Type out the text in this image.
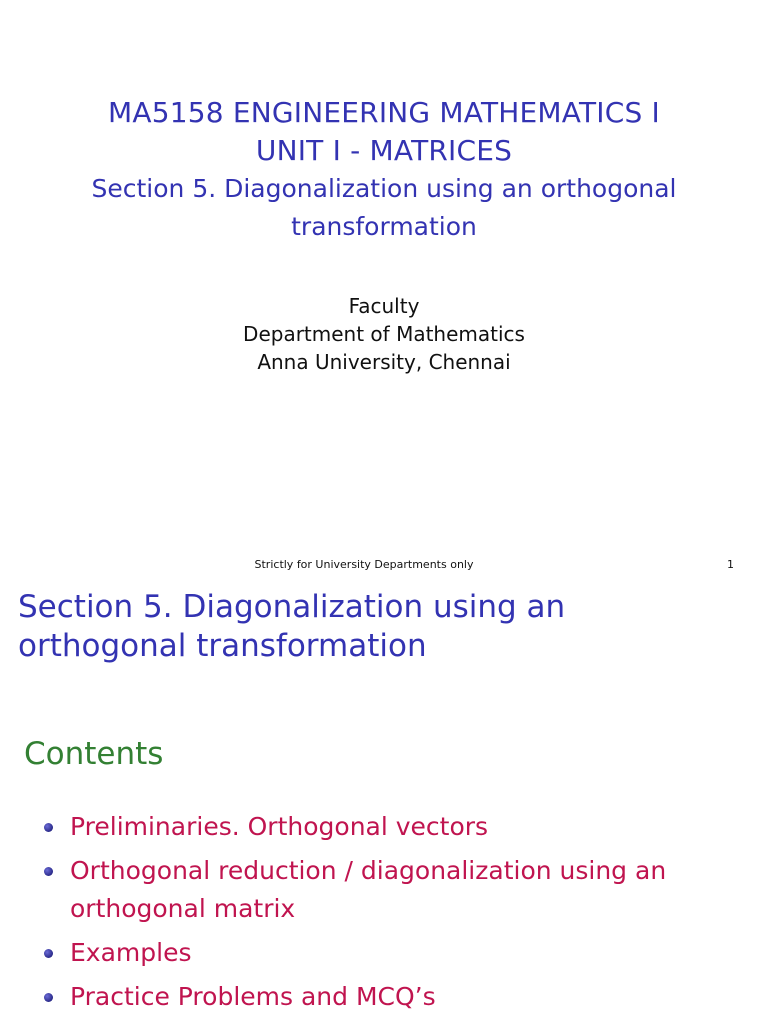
MA5158 ENGINEERING MATHEMATICS I
UNIT I - MATRICES
Section 5. Diagonalization using an orthogonal
transformation
Faculty
Department of Mathematics
Anna University, Chennai
Strictly for University Departments only	1
Section 5. Diagonalization using an
orthogonal transformation
Contents
Preliminaries. Orthogonal vectors
Orthogonal reduction / diagonalization using an
orthogonal matrix
Examples
Practice Problems and MCQ’s
